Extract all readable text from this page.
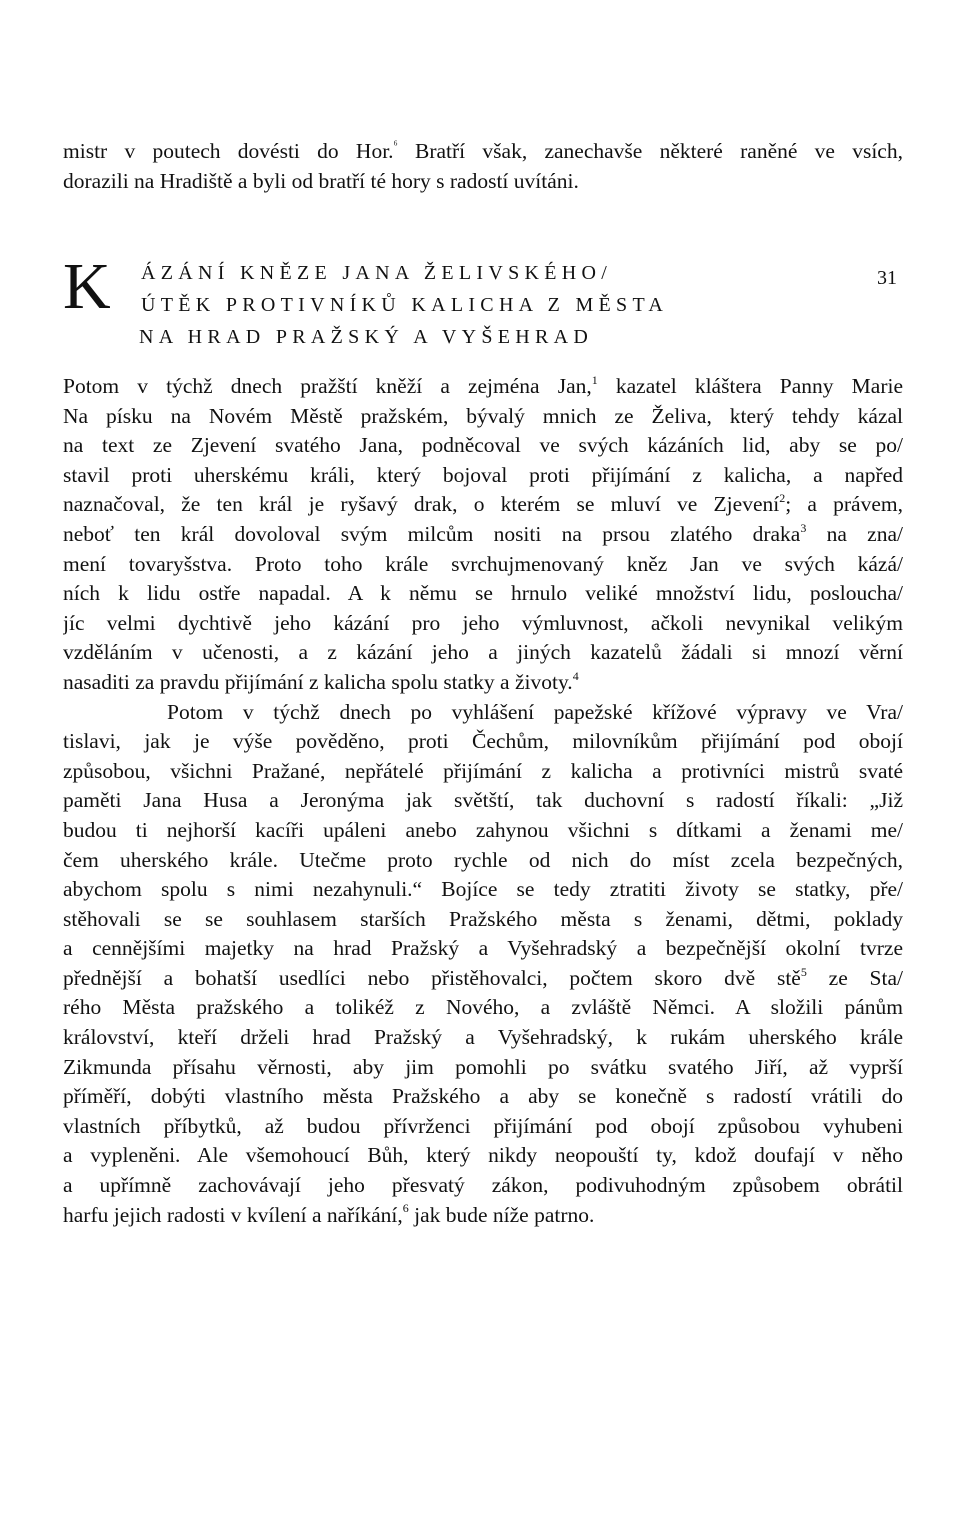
mistr v poutech dovésti do Hor.$^{^6}$ Bratří však, zanechavše některé raněné ve vsích,
dorazili na Hradiště a byli od bratří té hory s radostí uvítáni.
K ÁZÁNÍ KNĚZE JANA ŽELIVSKÉHO/
ÚTĚK PROTIVNÍKŮ KALICHA Z MĚSTA
NA HRAD PRAŽSKÝ A VYŠEHRAD
31
Potom v týchž dnech pražští kněží a zejména Jan,$^1$ kazatel kláštera Panny Marie
Na písku na Novém Městě pražském, bývalý mnich ze Želiva, který tehdy kázal
na text ze Zjevení svatého Jana, podněcoval ve svých kázáních lid, aby se po/
stavil proti uherskému králi, který bojoval proti přijímání z kalicha, a napřed
naznačoval, že ten král je ryšavý drak, o kterém se mluví ve Zjevení$^2$; a právem,
neboť ten král dovoloval svým milcům nositi na prsou zlatého draka$^3$ na zna/
mení tovaryšstva. Proto toho krále svrchujmenovaný kněz Jan ve svých kázá/
ních k lidu ostře napadal. A k němu se hrnulo veliké množství lidu, posloucha/
jíc velmi dychtivě jeho kázání pro jeho výmluvnost, ačkoli nevynikal velikým
vzděláním v učenosti, a z kázání jeho a jiných kazatelů žádali si mnozí věrní
nasaditi za pravdu přijímání z kalicha spolu statky a životy.$^4$
Potom v týchž dnech po vyhlášení papežské křížové výpravy ve Vra/
tislavi, jak je výše pověděno, proti Čechům, milovníkům přijímání pod obojí
způsobou, všichni Pražané, nepřátelé přijímání z kalicha a protivníci mistrů svaté
paměti Jana Husa a Jeronýma jak světští, tak duchovní s radostí říkali: „Již
budou ti nejhorší kacíři upáleni anebo zahynou všichni s dítkami a ženami me/
čem uherského krále. Utečme proto rychle od nich do míst zcela bezpečných,
abychom spolu s nimi nezahynuli.“ Bojíce se tedy ztratiti životy se statky, pře/
stěhovali se se souhlasem starších Pražského města s ženami, dětmi, poklady
a cennějšími majetky na hrad Pražský a Vyšehradský a bezpečnější okolní tvrze
přednější a bohatší usedlíci nebo přistěhovalci, počtem skoro dvě stě$^5$ ze Sta/
rého Města pražského a tolikéž z Nového, a zvláště Němci. A složili pánům
království, kteří drželi hrad Pražský a Vyšehradský, k rukám uherského krále
Zikmunda přísahu věrnosti, aby jim pomohli po svátku svatého Jiří, až vyprší
příměří, dobýti vlastního města Pražského a aby se konečně s radostí vrátili do
vlastních příbytků, až budou přívrženci přijímání pod obojí způsobou vyhubeni
a vypleněni. Ale všemohoucí Bůh, který nikdy neopouští ty, kdož doufají v něho
a upřímně zachovávají jeho přesvatý zákon, podivuhodným způsobem obrátil
harfu jejich radosti v kvílení a naříkání,$^6$ jak bude níže patrno.
